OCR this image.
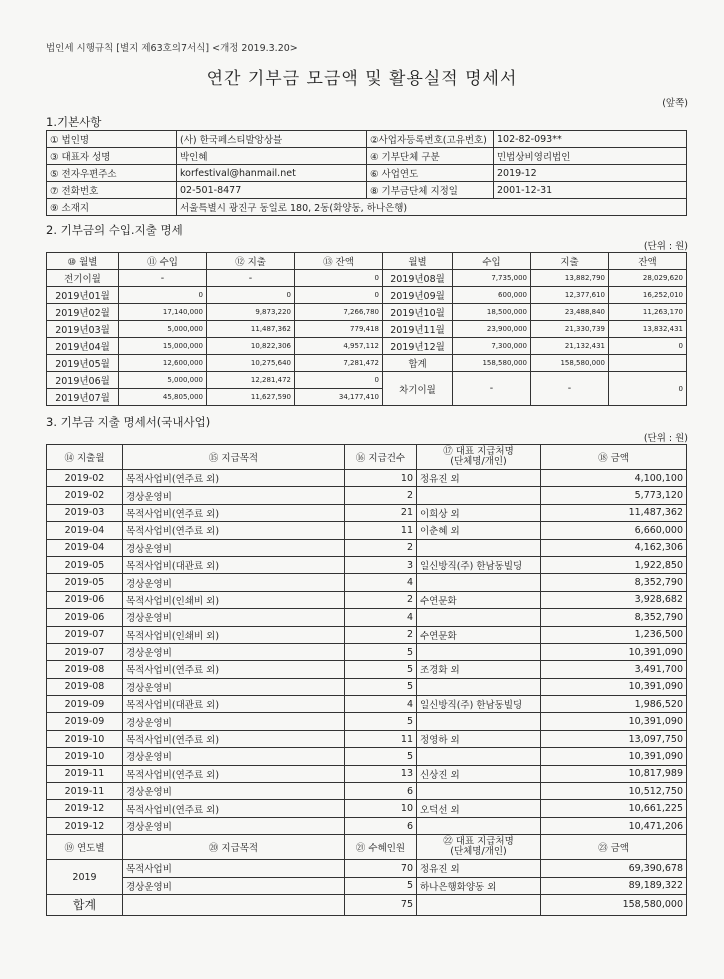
법인세 시행규칙 [별지 제63호의7서식] <개정 2019.3.20>
연간 기부금 모금액 및 활용실적 명세서
(앞쪽)
1.기본사항
① 법인명	(사) 한국페스티발앙상블	②사업자등록번호(고유번호)	102-82-093**
③ 대표자 성명	박인혜	④ 기부단체 구분	민법상비영리법인
⑤ 전자우편주소	korfestival@hanmail.net	⑥ 사업연도	2019-12
⑦ 전화번호	02-501-8477	⑧ 기부금단체 지정일	2001-12-31
⑨ 소재지	서울특별시 광진구 동일로 180, 2동(화양동, 하나은행)		
2. 기부금의 수입.지출 명세
(단위 : 원)
⑩ 월별	⑪ 수입	⑫ 지출	⑬ 잔액	월별	수입	지출	잔액
전기이월	-	-	0	2019년08월	7,735,000	13,882,790	28,029,620
2019년01월	0	0	0	2019년09월	600,000	12,377,610	16,252,010
2019년02월	17,140,000	9,873,220	7,266,780	2019년10월	18,500,000	23,488,840	11,263,170
2019년03월	5,000,000	11,487,362	779,418	2019년11월	23,900,000	21,330,739	13,832,431
2019년04월	15,000,000	10,822,306	4,957,112	2019년12월	7,300,000	21,132,431	0
2019년05월	12,600,000	10,275,640	7,281,472	합계	158,580,000	158,580,000	
2019년06월	5,000,000	12,281,472	0	차기이월	-	-	0
2019년07월	45,805,000	11,627,590	34,177,410				
3. 기부금 지출 명세서(국내사업)
(단위 : 원)
⑭ 지출월	⑮ 지급목적	⑯ 지급건수	⑰ 대표 지급처명
(단체명/개인)	⑱ 금액
2019-02	목적사업비(연주료 외)	10	정유진 외	4,100,100
2019-02	경상운영비	2		5,773,120
2019-03	목적사업비(연주료 외)	21	이희상 외	11,487,362
2019-04	목적사업비(연주료 외)	11	이춘혜 외	6,660,000
2019-04	경상운영비	2		4,162,306
2019-05	목적사업비(대관료 외)	3	일신방직(주) 한남동빌딩	1,922,850
2019-05	경상운영비	4		8,352,790
2019-06	목적사업비(인쇄비 외)	2	수연문화	3,928,682
2019-06	경상운영비	4		8,352,790
2019-07	목적사업비(인쇄비 외)	2	수연문화	1,236,500
2019-07	경상운영비	5		10,391,090
2019-08	목적사업비(연주료 외)	5	조경화 외	3,491,700
2019-08	경상운영비	5		10,391,090
2019-09	목적사업비(대관료 외)	4	일신방직(주) 한남동빌딩	1,986,520
2019-09	경상운영비	5		10,391,090
2019-10	목적사업비(연주료 외)	11	정영하 외	13,097,750
2019-10	경상운영비	5		10,391,090
2019-11	목적사업비(연주료 외)	13	신상진 외	10,817,989
2019-11	경상운영비	6		10,512,750
2019-12	목적사업비(연주료 외)	10	오덕선 외	10,661,225
2019-12	경상운영비	6		10,471,206
⑲ 연도별	⑳ 지급목적	㉑ 수혜인원	㉒ 대표 지급처명
(단체명/개인)	㉓ 금액
2019	목적사업비	70	정유진 외	69,390,678
	경상운영비	5	하나은행화양동 외	89,189,322
합계		75		158,580,000
